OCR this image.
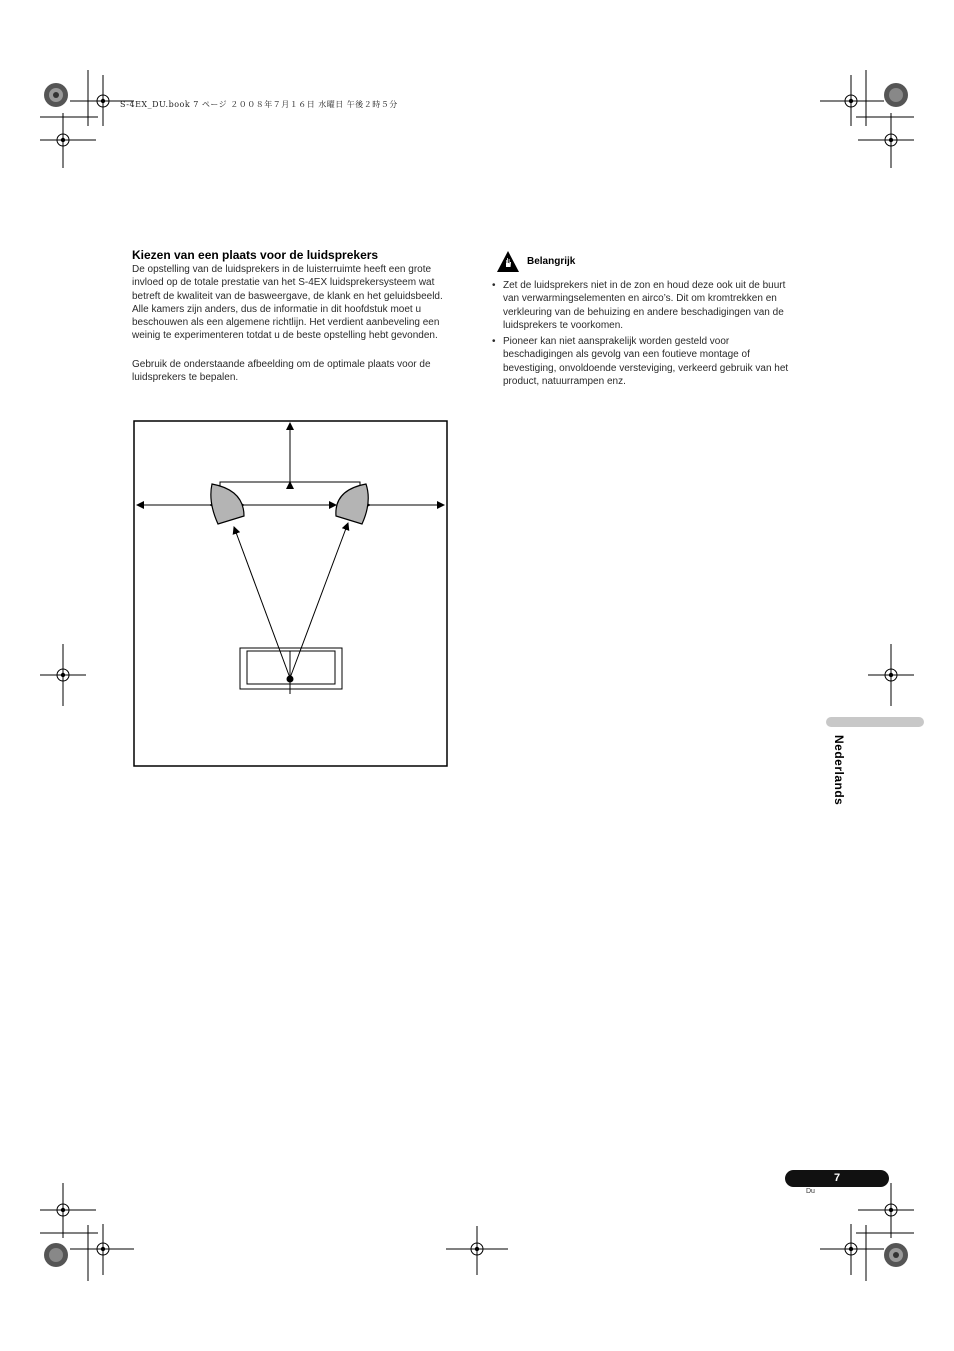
S-4EX_DU.book 7 ページ ２００８年７月１６日 水曜日 午後２時５分
Kiezen van een plaats voor de luidsprekers
De opstelling van de luidsprekers in de luisterruimte heeft een grote invloed op de totale prestatie van het S-4EX luidsprekersysteem wat betreft de kwaliteit van de basweergave, de klank en het geluidsbeeld. Alle kamers zijn anders, dus de informatie in dit hoofdstuk moet u beschouwen als een algemene richtlijn. Het verdient aanbeveling een weinig te experimenteren totdat u de beste opstelling hebt gevonden.
Gebruik de onderstaande afbeelding om de optimale plaats voor de luidsprekers te bepalen.
Belangrijk
• Zet de luidsprekers niet in de zon en houd deze ook uit de buurt van verwarmingselementen en airco’s. Dit om kromtrekken en verkleuring van de behuizing en andere beschadigingen van de luidsprekers te voorkomen.
• Pioneer kan niet aansprakelijk worden gesteld voor beschadigingen als gevolg van een foutieve montage of bevestiging, onvoldoende versteviging, verkeerd gebruik van het product, natuurrampen enz.
Nederlands
7
Du
